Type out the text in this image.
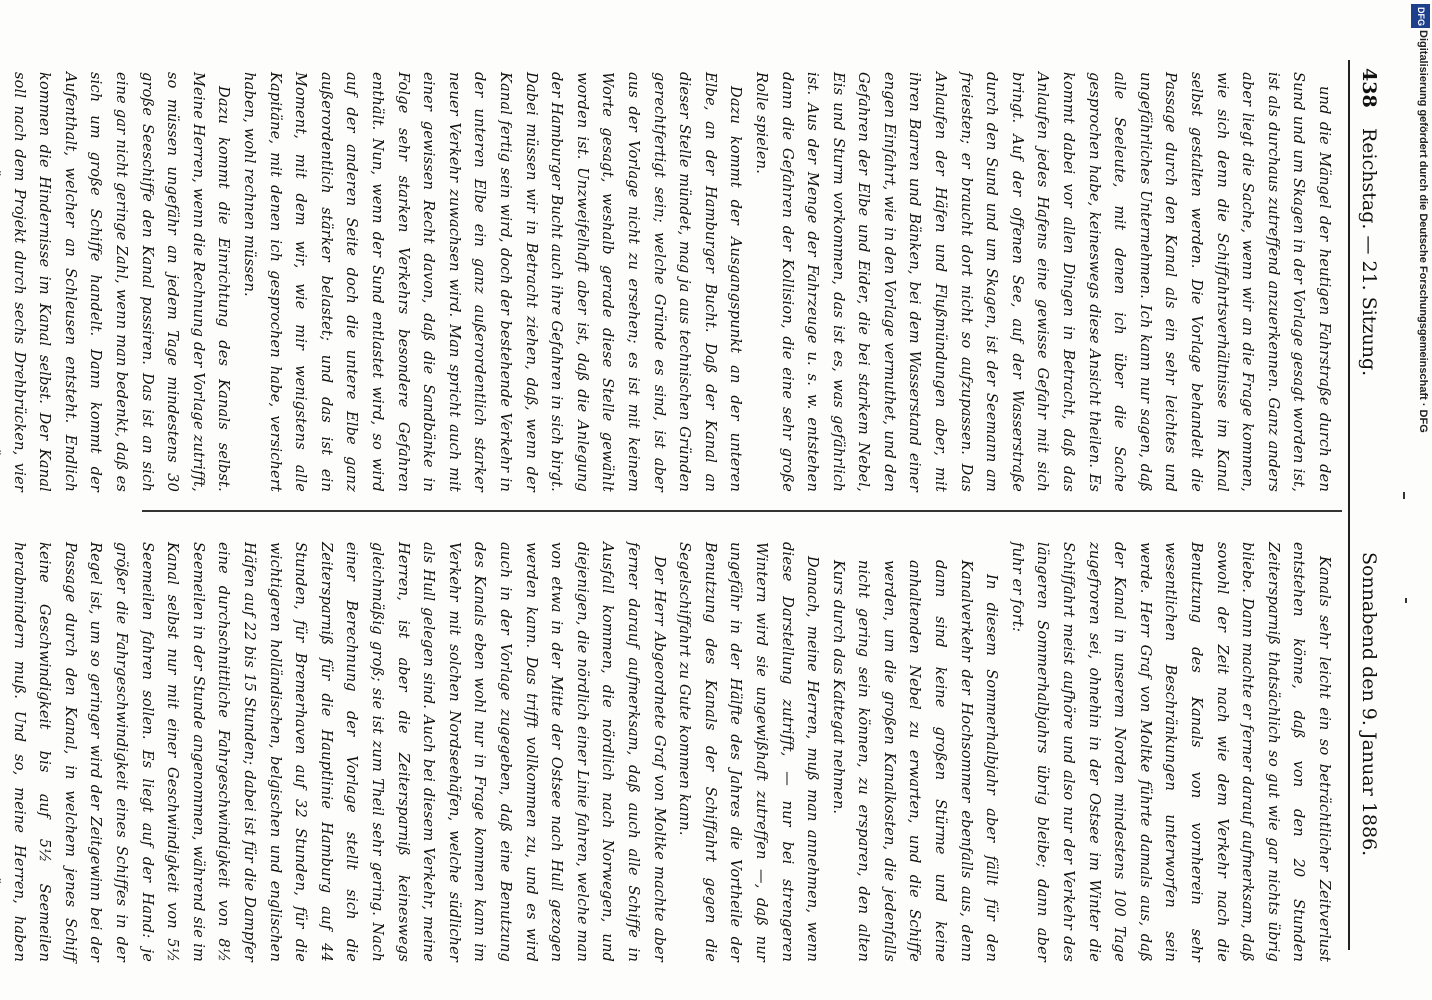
438
Reichstag. — 21. Sitzung.
Sonnabend den 9. Januar 1886.

und die Mängel der heutigen Fahrstraße durch den Sund und um Skagen in der Vorlage gesagt worden ist, ist als durchaus zutreffend anzuerkennen. Ganz anders aber liegt die Sache, wenn wir an die Frage kommen, wie sich denn die Schiffahrtsverhältnisse im Kanal selbst gestalten werden. Die Vorlage behandelt die Passage durch den Kanal als ein sehr leichtes und ungefährliches Unternehmen. Ich kann nur sagen, daß alle Seeleute, mit denen ich über die Sache gesprochen habe, keineswegs diese Ansicht theilen. Es kommt dabei vor allen Dingen in Betracht, daß das Anlaufen jedes Hafens eine gewisse Gefahr mit sich bringt. Auf der offenen See, auf der Wasserstraße durch den Sund und um Skagen, ist der Seemann am freiesten; er braucht dort nicht so aufzupassen. Das Anlaufen der Häfen und Flußmündungen aber, mit ihren Barren und Bänken, bei dem Wasserstand einer engen Einfahrt, wie in den Vorlage vermuthet, und den Gefahren der Elbe und Eider, die bei starkem Nebel, Eis und Sturm vorkommen, das ist es, was gefährlich ist. Aus der Menge der Fahrzeuge u. s. w. entstehen dann die Gefahren der Kollision, die eine sehr große Rolle spielen.

Dazu kommt der Ausgangspunkt an der unteren Elbe, an der Hamburger Bucht. Daß der Kanal an dieser Stelle mündet, mag ja aus technischen Gründen gerechtfertigt sein; welche Gründe es sind, ist aber aus der Vorlage nicht zu ersehen; es ist mit keinem Worte gesagt, weshalb gerade diese Stelle gewählt worden ist. Unzweifelhaft aber ist, daß die Anlegung der Hamburger Bucht auch ihre Gefahren in sich birgt. Dabei müssen wir in Betracht ziehen, daß, wenn der Kanal fertig sein wird, doch der bestehende Verkehr in der unteren Elbe ein ganz außerordentlich starker neuer Verkehr zuwachsen wird. Man spricht auch mit einer gewissen Recht davon, daß die Sandbänke in Folge sehr starken Verkehrs besondere Gefahren enthält. Nun, wenn der Sund entlastet wird, so wird auf der anderen Seite doch die untere Elbe ganz außerordentlich stärker belastet; und das ist ein Moment, mit dem wir, wie mir wenigstens alle Kapitäne, mit denen ich gesprochen habe, versichert haben, wohl rechnen müssen.

Dazu kommt die Einrichtung des Kanals selbst. Meine Herren, wenn die Rechnung der Vorlage zutrifft, so müssen ungefähr an jedem Tage mindestens 30 große Seeschiffe den Kanal passiren. Das ist an sich eine gar nicht geringe Zahl, wenn man bedenkt, daß es sich um große Schiffe handelt. Dann kommt der Aufenthalt, welcher an Schleusen entsteht. Endlich kommen die Hindernisse im Kanal selbst. Der Kanal soll nach dem Projekt durch sechs Drehbrücken, vier

Kanals sehr leicht ein so beträchtlicher Zeitverlust entstehen könne, daß von den 20 Stunden Zeitersparniß thatsächlich so gut wie gar nichts übrig bliebe. Dann machte er ferner darauf aufmerksam, daß sowohl der Zeit nach wie dem Verkehr nach die Benutzung des Kanals von vornherein sehr wesentlichen Beschränkungen unterworfen sein werde. Herr Graf von Moltke führte damals aus, daß der Kanal in unserem Norden mindestens 100 Tage zugefroren sei, ohnehin in der Ostsee im Winter die Schiffahrt meist aufhöre und also nur der Verkehr des längeren Sommerhalbjahrs übrig bleibe; dann aber fuhr er fort:

In diesem Sommerhalbjahr aber fällt für den Kanalverkehr der Hochsommer ebenfalls aus, denn dann sind keine großen Stürme und keine anhaltenden Nebel zu erwarten, und die Schiffe werden, um die großen Kanalkosten, die jedenfalls nicht gering sein können, zu ersparen, den alten Kurs durch das Kattegat nehmen.

Danach, meine Herren, muß man annehmen, wenn diese Darstellung zutrifft, — nur bei strengeren Wintern wird sie ungewißhaft zutreffen —, daß nur ungefähr in der Hälfte des Jahres die Vortheile der Benutzung des Kanals der Schiffahrt gegen die Segelschiffahrt zu Gute kommen kann.

Der Herr Abgeordnete Graf von Moltke machte aber ferner darauf aufmerksam, daß auch alle Schiffe in Ausfall kommen, die nördlich nach Norwegen, und diejenigen, die nördlich einer Linie fahren, welche man von etwa in der Mitte der Ostsee nach Hull gezogen werden kann. Das trifft vollkommen zu, und es wird auch in der Vorlage zugegeben, daß eine Benutzung des Kanals eben wohl nur in Frage kommen kann im Verkehr mit solchen Nordseehäfen, welche südlicher als Hull gelegen sind. Auch bei diesem Verkehr, meine Herren, ist aber die Zeitersparniß keineswegs gleichmäßig groß; sie ist zum Theil sehr gering. Nach einer Berechnung der Vorlage stellt sich die Zeitersparniß für die Hauptlinie Hamburg auf 44 Stunden, für Bremerhaven auf 32 Stunden, für die wichtigeren holländischen, belgischen und englischen Häfen auf 22 bis 15 Stunden; dabei ist für die Dampfer eine durchschnittliche Fahrgeschwindigkeit von 8½ Seemeilen in der Stunde angenommen, während sie im Kanal selbst nur mit einer Geschwindigkeit von 5½ Seemeilen fahren sollen. Es liegt auf der Hand: je größer die Fahrgeschwindigkeit eines Schiffes in der Regel ist, um so geringer wird der Zeitgewinn bei der Passage durch den Kanal, in welchem jenes Schiff keine Geschwindigkeit bis auf 5½ Seemeilen herabmindern muß. Und so, meine Herren, haben

DFG
Digitalisierung gefördert durch die Deutsche Forschungsgemeinschaft · DFG
